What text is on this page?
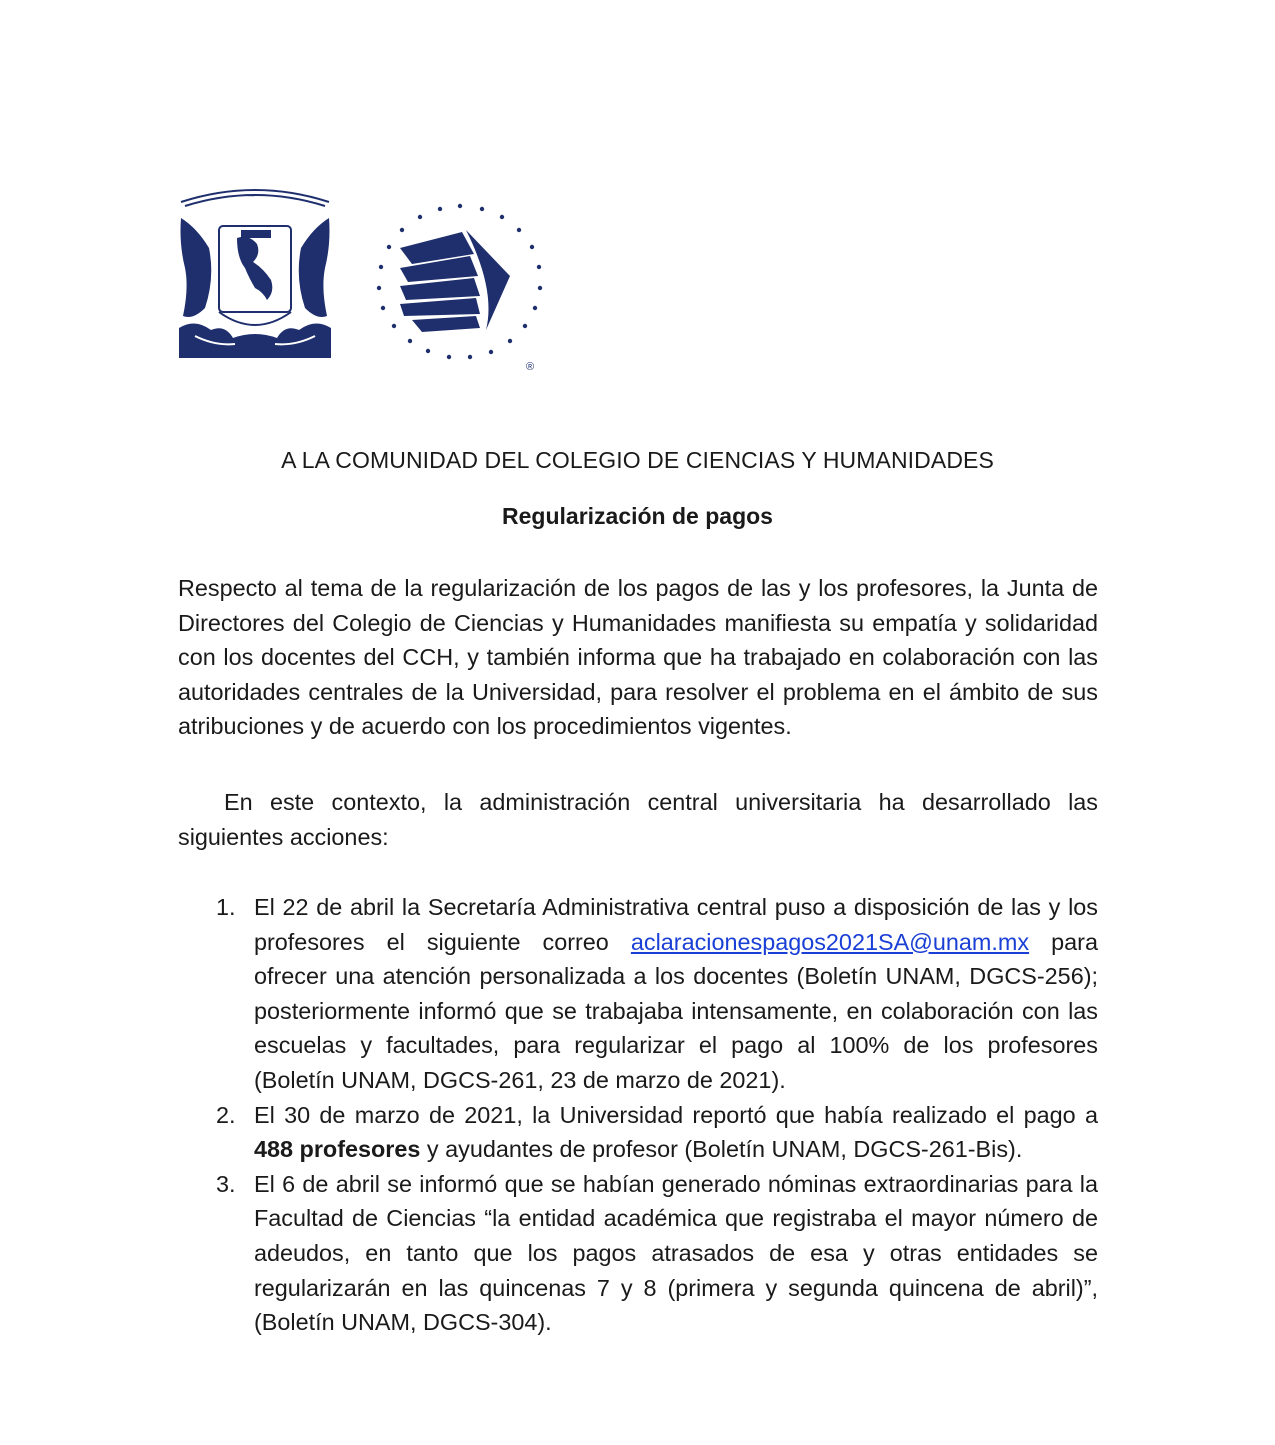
®
A LA COMUNIDAD DEL COLEGIO DE CIENCIAS Y HUMANIDADES
Regularización de pagos
Respecto al tema de la regularización de los pagos de las y los profesores, la Junta de Directores del Colegio de Ciencias y Humanidades manifiesta su empatía y solidaridad con los docentes del CCH, y también informa que ha trabajado en colaboración con las autoridades centrales de la Universidad, para resolver el problema en el ámbito de sus atribuciones y de acuerdo con los procedimientos vigentes.
En este contexto, la administración central universitaria ha desarrollado las siguientes acciones:
1. El 22 de abril la Secretaría Administrativa central puso a disposición de las y los profesores el siguiente correo aclaracionespagos2021SA@unam.mx para ofrecer una atención personalizada a los docentes (Boletín UNAM, DGCS-256); posteriormente informó que se trabajaba intensamente, en colaboración con las escuelas y facultades, para regularizar el pago al 100% de los profesores (Boletín UNAM, DGCS-261, 23 de marzo de 2021).
2. El 30 de marzo de 2021, la Universidad reportó que había realizado el pago a 488 profesores y ayudantes de profesor (Boletín UNAM, DGCS-261-Bis).
3. El 6 de abril se informó que se habían generado nóminas extraordinarias para la Facultad de Ciencias “la entidad académica que registraba el mayor número de adeudos, en tanto que los pagos atrasados de esa y otras entidades se regularizarán en las quincenas 7 y 8 (primera y segunda quincena de abril)”, (Boletín UNAM, DGCS-304).
